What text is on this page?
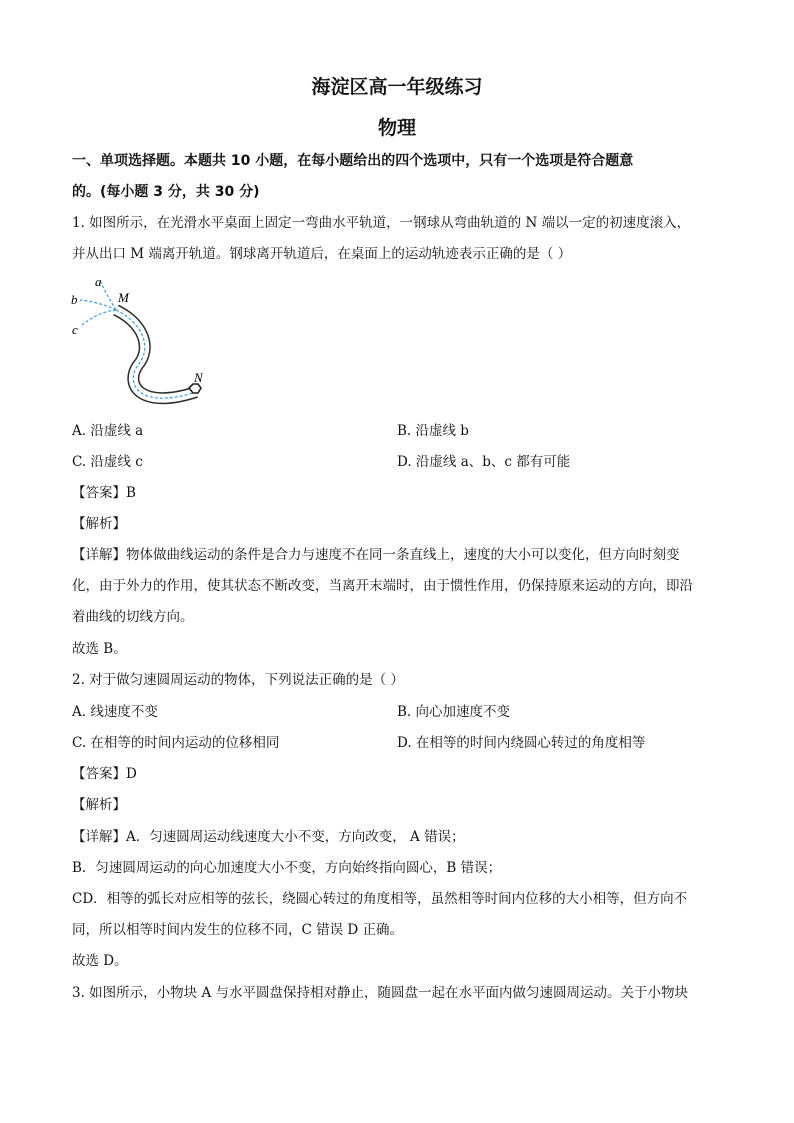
海淀区高一年级练习
物理
一、单项选择题。本题共 10 小题，在每小题给出的四个选项中，只有一个选项是符合题意
的。(每小题 3 分，共 30 分)
1. 如图所示，在光滑水平桌面上固定一弯曲水平轨道，一钢球从弯曲轨道的 N 端以一定的初速度滚入，
并从出口 M 端离开轨道。钢球离开轨道后，在桌面上的运动轨迹表示正确的是（ ）
a
b	M
c
N
A. 沿虚线 a	B. 沿虚线 b
C. 沿虚线 c	D. 沿虚线 a、b、c 都有可能
【答案】B
【解析】
【详解】物体做曲线运动的条件是合力与速度不在同一条直线上，速度的大小可以变化，但方向时刻变
化，由于外力的作用，使其状态不断改变，当离开末端时，由于惯性作用，仍保持原来运动的方向，即沿
着曲线的切线方向。
故选 B。
2. 对于做匀速圆周运动的物体，下列说法正确的是（ ）
A. 线速度不变	B. 向心加速度不变
C. 在相等的时间内运动的位移相同	D. 在相等的时间内绕圆心转过的角度相等
【答案】D
【解析】
【详解】A．匀速圆周运动线速度大小不变，方向改变， A 错误；
B．匀速圆周运动的向心加速度大小不变，方向始终指向圆心，B 错误；
CD．相等的弧长对应相等的弦长，绕圆心转过的角度相等，虽然相等时间内位移的大小相等，但方向不
同，所以相等时间内发生的位移不同，C 错误 D 正确。
故选 D。
3. 如图所示，小物块 A 与水平圆盘保持相对静止，随圆盘一起在水平面内做匀速圆周运动。关于小物块
